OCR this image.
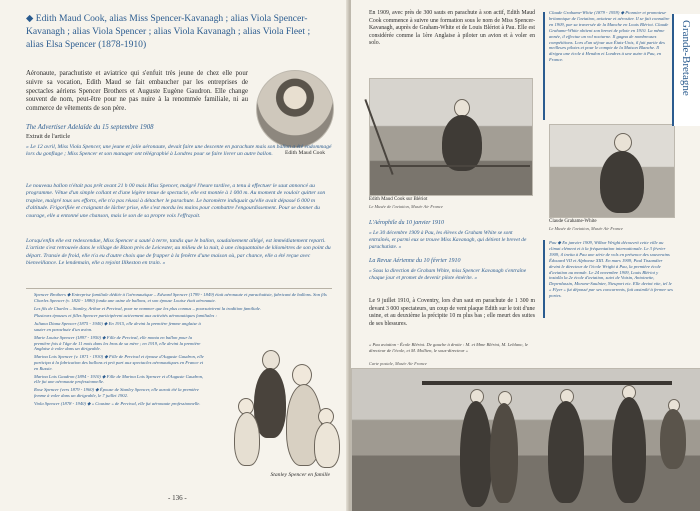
◆ Edith Maud Cook, alias Miss Spencer-Kavanagh ; alias Viola Spencer-Kavanagh ; alias Viola Spencer ; alias Viola Kavanagh ; alias Viola Fleet ; alias Elsa Spencer (1878-1910)

Aéronaute, parachutiste et aviatrice qui s'enfuit très jeune de chez elle pour suivre sa vocation, Edith Maud se fait embaucher par les entreprises de spectacles aériens Spencer Brothers et Auguste Eugène Gaudron. Elle change souvent de nom, peut-être pour ne pas nuire à la renommée familiale, ni au commerce de vêtements de son père.

Edith Maud Cook

The Advertiser Adelaïde du 15 septembre 1908

Extrait de l'article

« Le 12 avril, Miss Viola Spencer, une jeune et jolie aéronaute, devait faire une descente en parachute mais son ballon a été endommagé lors du gonflage ; Miss Spencer et son manager ont télégraphié à Londres pour se faire livrer un autre ballon.

Le nouveau ballon n'était pas prêt avant 21 h 00 mais Miss Spencer, malgré l'heure tardive, a tenu à effectuer le saut annoncé au programme. Vêtue d'un simple collant et d'une légère tenue de spectacle, elle est montée à 1 000 m. Au moment de vouloir quitter son trapèze, malgré tous ses efforts, elle n'a pas réussi à détacher le parachute. Le baromètre indiquait qu'elle avait dépassé 6 000 m d'altitude. Frigorifiée et craignant de lâcher prise, elle s'est mordu les mains pour combattre l'engourdissement. Pour se donner du courage, elle a entonné une chanson, mais le son de sa propre voix l'effrayait.

Lorsqu'enfin elle est redescendue, Miss Spencer a sauté à terre, tandis que le ballon, soudainement allégé, est immédiatement reparti. L'artiste s'est retrouvée dans le village de Bizon près de Leicester, au milieu de la nuit, à une cinquantaine de kilomètres de son point du départ. Transie de froid, elle n'a eu d'autre choix que de frapper à la fenêtre d'une maison où, par chance, elle a été reçue avec bienveillance. Le lendemain, elle a rejoint Illkeston en train. »

Spencer Brothers ◆ Entreprise familiale dédiée à l'aéronautique – Edward Spencer (1799 - 1849) était aéronaute et parachutiste, fabricant de ballons. Son fils Charles Spencer (v. 1820 - 1880) fonda une usine de ballons, et son épouse Louise était aéronaute.

Les fils de Charles – Stanley, Arthur et Percival, pour ne nommer que les plus connus – poursuivirent la tradition familiale.

Plusieurs épouses et filles Spencer participèrent activement aux activités aéronautiques familiales :

Juliana Diana Spencer (1875 - 1940) ◆ En 1915, elle devint la première femme anglaise à sauter en parachute d'un avion.

Marie Louise Spencer (1897 - 1950) ◆ Fille de Percival, elle monta en ballon pour la première fois à l'âge de 11 mois dans les bras de sa mère ; en 1919, elle devint la première Anglaise à voler dans un dirigeable.

Marina Lois Spencer (v. 1871 - 1930) ◆ Fille de Percival et épouse d'Auguste Gaudron, elle participa à la fabrication des ballons et prit part aux spectacles aéronautiques en France et en Russie.

Marina Lois Gaudron (1894 - 1910) ◆ Fille de Marina Lois Spencer et d'Auguste Gaudron, elle fut une aéronaute professionnelle.

Rose Spencer (vers 1879 - 1960) ◆ Épouse de Stanley Spencer, elle aurait été la première femme à voler dans un dirigeable, le 7 juillet 1902.

Viola Spencer (1878 - 1940) ◆ « Cousine » de Percival, elle fut aéronaute professionnelle.

Stanley Spencer en famille

- 136 -

En 1909, avec près de 300 sauts en parachute à son actif, Edith Maud Cook commence à suivre une formation sous le nom de Miss Spencer-Kavanagh, auprès de Graham-White et de Louis Blériot à Pau. Elle est considérée comme la 1ère Anglaise à piloter un avion et à voler en solo.

Edith Maud Cook sur Blériot

Le Musée de l'aviation, Musée Air France

L'Aérophile du 10 janvier 1910

« Le 30 décembre 1909 à Pau, les élèves de Graham White se sont entraînés, et parmi eux se trouve Miss Kavanagh, qui détient le brevet de parachutiste. »

La Revue Aérienne du 10 février 1910

« Sous la direction de Graham White, miss Spencer Kavanagh s'entraîne chaque jour et promet de devenir pilote émérite. »

Le 9 juillet 1910, à Coventry, lors d'un saut en parachute de 1 300 m devant 3 000 spectateurs, un coup de vent plaque Edith sur le toit d'une usine, et au deuxième la précipite 10 m plus bas ; elle meurt des suites de ses blessures.

« Pau aviation - École Blériot. De gauche à droite : M. et Mme Blériot, M. Leblanc, le directeur de l'école, et M. Mollien, le sous-directeur »

Carte postale, Musée Air France

Claude Grahame-White (1879 - 1959) ◆ Pionnier et promoteur britannique de l'aviation, aviateur et aérostier. Il se fait connaître en 1909, par sa traversée de la Manche en Louis Blériot. Claude Grahame-White obtient son brevet de pilote en 1910. La même année, il effectue un vol nocturne. Il gagna de nombreuses compétitions. Lors d'un séjour aux États-Unis, il fait partie des meilleurs pilotes et pour le compte de la Maison Blanche. Il dirigea une école à Hendon et Londres à une autre à Pau, en France.

Claude Grahame-White

Le Musée de l'aviation, Musée Air France

Pau ◆ En janvier 1909, Wilbur Wright découvrit cette ville au climat clément et à la fréquentation internationale. Le 3 février 1909, il invita à Pau une série de vols en présence des souverains Édouard VII et Alphonse XIII. En mars 1909, Paul Tissandier devint le directeur de l'école Wright à Pau, la première école d'aviation au monde. Le 24 novembre 1909, Louis Blériot y installa la 2e école d'aviation, suivi de Voisin, Antoinette, Deperdussin, Morane-Saulnier, Nieuport etc. Elle devint vite, tel le « Flyer » fut dépassé par ses concurrents, fait assimilé à fermer ses portes.

Grande-Bretagne
